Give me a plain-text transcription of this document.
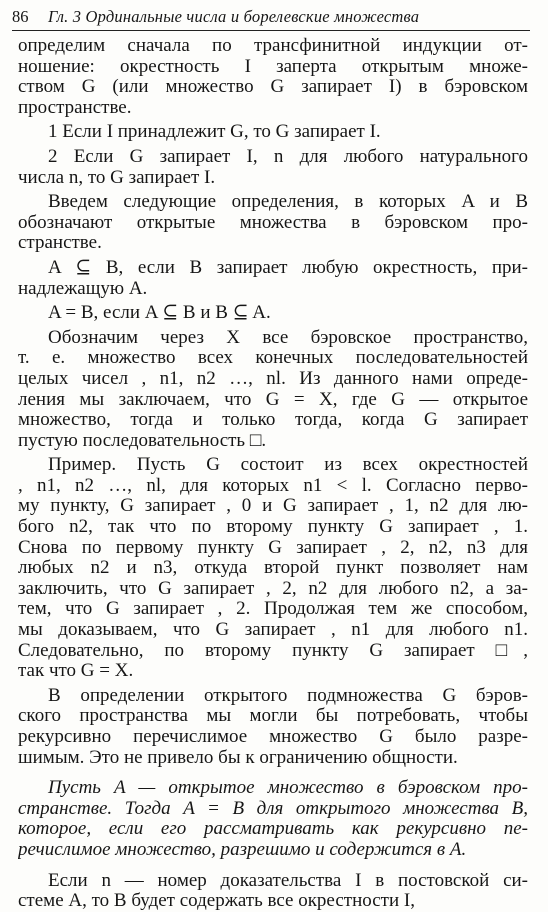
86 Гл. 3 Ординальные числа и борелевские множества
определим сначала по трансфинитной индукции от-
ношение: окрестность I заперта открытым множе-
ством G (или множество G запирает I) в бэровском
пространстве.
1 Если I принадлежит G, то G запирает I.
2 Если G запирает I, n для любого натурального
числа n, то G запирает I.
Введем следующие определения, в которых A и B
обозначают открытые множества в бэровском про-
странстве.
A ⊆ B, если B запирает любую окрестность, при-
надлежащую A.
A = B, если A ⊆ B и B ⊆ A.
Обозначим через X все бэровское пространство,
т. е. множество всех конечных последовательностей
целых чисел , n1, n2 …, nl. Из данного нами опреде-
ления мы заключаем, что G = X, где G — открытое
множество, тогда и только тогда, когда G запирает
пустую последовательность □.
Пример. Пусть G состоит из всех окрестностей
, n1, n2 …, nl, для которых n1 < l. Согласно перво-
му пункту, G запирает , 0 и G запирает , 1, n2 для лю-
бого n2, так что по второму пункту G запирает , 1.
Снова по первому пункту G запирает , 2, n2, n3 для
любых n2 и n3, откуда второй пункт позволяет нам
заключить, что G запирает , 2, n2 для любого n2, а за-
тем, что G запирает , 2. Продолжая тем же способом,
мы доказываем, что G запирает , n1 для любого n1.
Следовательно, по второму пункту G запирает □,
так что G = X.
В определении открытого подмножества G бэров-
ского пространства мы могли бы потребовать, чтобы
рекурсивно перечислимое множество G было разре-
шимым. Это не привело бы к ограничению общности.
Пусть A — открытое множество в бэровском про-
странстве. Тогда A = B для открытого множества B,
которое, если его рассматривать как рекурсивно пе-
речислимое множество, разрешимо и содержится в A.
Если n — номер доказательства I в постовской си-
стеме A, то B будет содержать все окрестности I,
